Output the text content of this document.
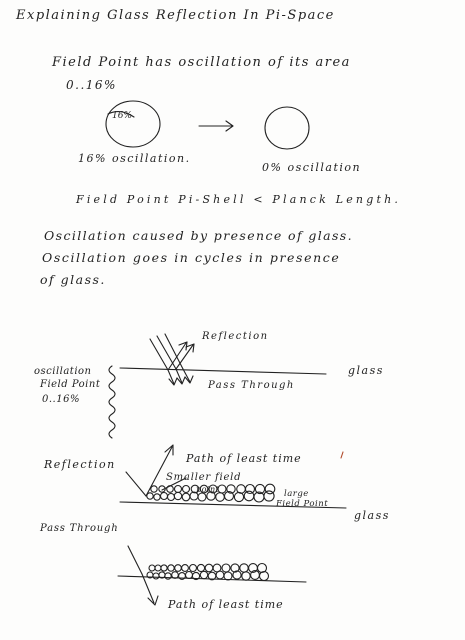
Explaining Glass Reflection In Pi-Space
Field Point has oscillation of its area
0..16%
16%
16% oscillation.
0% oscillation
Field Point Pi-Shell < Planck Length.
Oscillation caused by presence of glass.
Oscillation goes in cycles in presence
of glass.
Reflection
glass
Pass Through
oscillation
Field Point
0..16%
Reflection	Path of least time
Smaller field
point	large
Field Point
glass
Pass Through
Path of least time
